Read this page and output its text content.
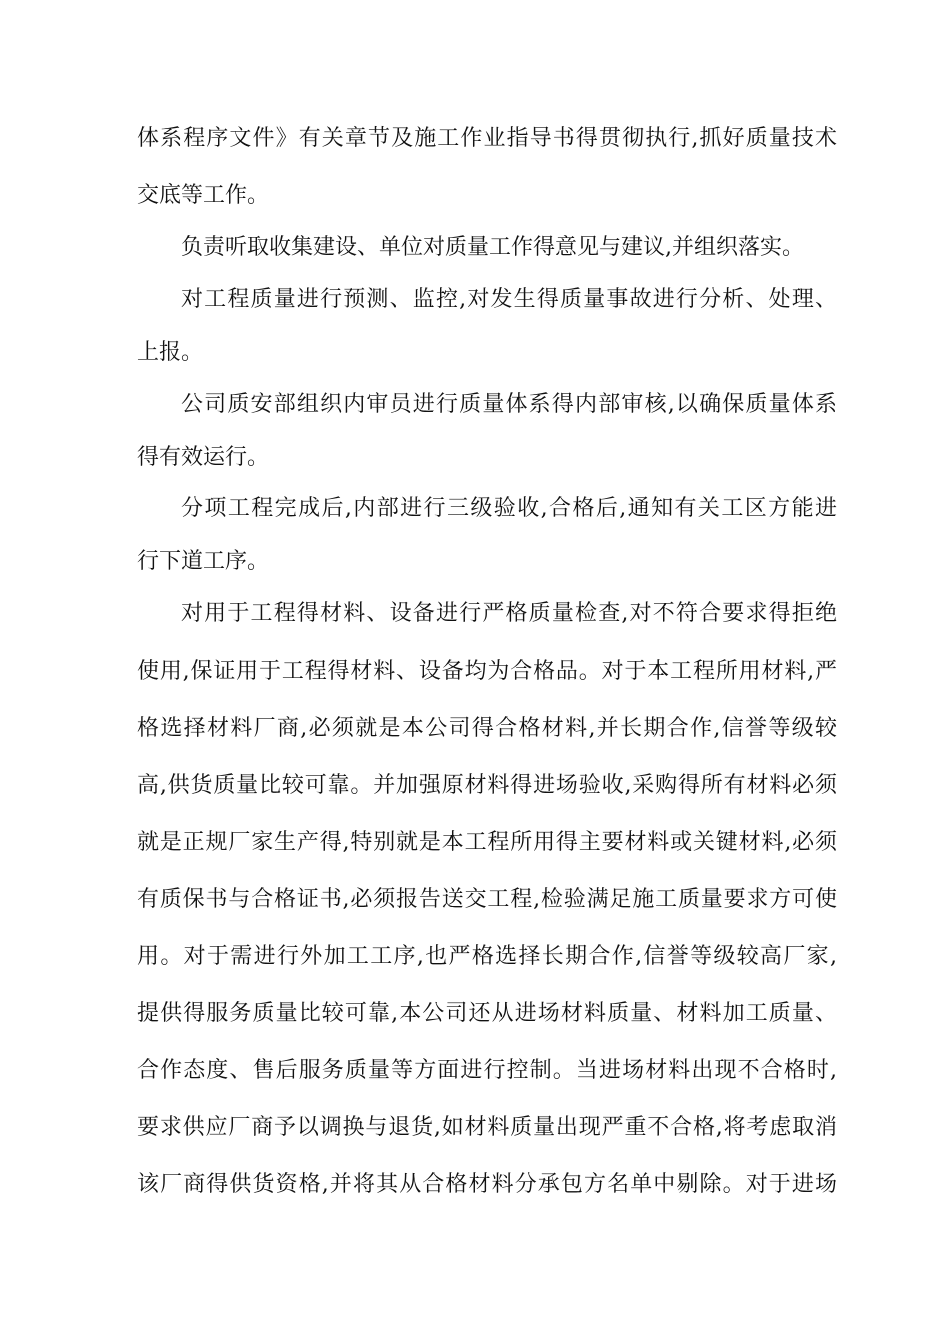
体系程序文件》有关章节及施工作业指导书得贯彻执行,抓好质量技术
交底等工作。
负责听取收集建设、单位对质量工作得意见与建议,并组织落实。
对工程质量进行预测、监控,对发生得质量事故进行分析、处理、
上报。
公司质安部组织内审员进行质量体系得内部审核,以确保质量体系
得有效运行。
分项工程完成后,内部进行三级验收,合格后,通知有关工区方能进
行下道工序。
对用于工程得材料、设备进行严格质量检查,对不符合要求得拒绝
使用,保证用于工程得材料、设备均为合格品。对于本工程所用材料,严
格选择材料厂商,必须就是本公司得合格材料,并长期合作,信誉等级较
高,供货质量比较可靠。并加强原材料得进场验收,采购得所有材料必须
就是正规厂家生产得,特别就是本工程所用得主要材料或关键材料,必须
有质保书与合格证书,必须报告送交工程,检验满足施工质量要求方可使
用。对于需进行外加工工序,也严格选择长期合作,信誉等级较高厂家,
提供得服务质量比较可靠,本公司还从进场材料质量、材料加工质量、
合作态度、售后服务质量等方面进行控制。当进场材料出现不合格时,
要求供应厂商予以调换与退货,如材料质量出现严重不合格,将考虑取消
该厂商得供货资格,并将其从合格材料分承包方名单中剔除。对于进场
